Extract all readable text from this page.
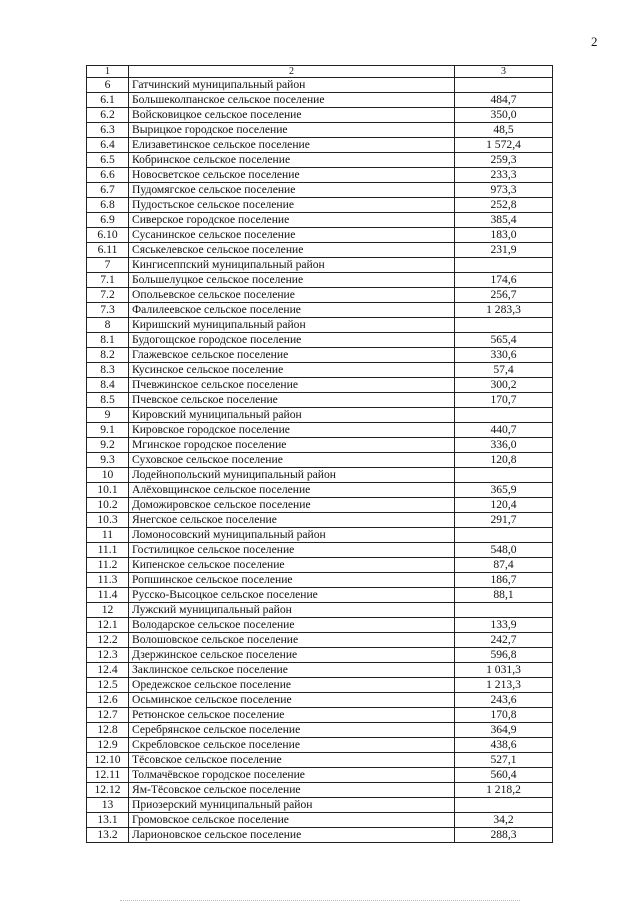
2
1	2	3
6	Гатчинский муниципальный район	
6.1	Большеколпанское сельское поселение	484,7
6.2	Войсковицкое сельское поселение	350,0
6.3	Вырицкое городское поселение	48,5
6.4	Елизаветинское сельское поселение	1 572,4
6.5	Кобринское сельское поселение	259,3
6.6	Новосветское сельское поселение	233,3
6.7	Пудомягское сельское поселение	973,3
6.8	Пудостьское сельское поселение	252,8
6.9	Сиверское городское поселение	385,4
6.10	Сусанинское сельское поселение	183,0
6.11	Сяськелевское сельское поселение	231,9
7	Кингисеппский муниципальный район	
7.1	Большелуцкое сельское поселение	174,6
7.2	Опольевское сельское поселение	256,7
7.3	Фалилеевское сельское поселение	1 283,3
8	Киришский муниципальный район	
8.1	Будогощское городское поселение	565,4
8.2	Глажевское сельское поселение	330,6
8.3	Кусинское сельское поселение	57,4
8.4	Пчевжинское сельское поселение	300,2
8.5	Пчевское сельское поселение	170,7
9	Кировский муниципальный район	
9.1	Кировское городское поселение	440,7
9.2	Мгинское городское поселение	336,0
9.3	Суховское сельское поселение	120,8
10	Лодейнопольский муниципальный район	
10.1	Алёховщинское сельское поселение	365,9
10.2	Доможировское сельское поселение	120,4
10.3	Янегское сельское поселение	291,7
11	Ломоносовский муниципальный район	
11.1	Гостилицкое сельское поселение	548,0
11.2	Кипенское сельское поселение	87,4
11.3	Ропшинское сельское поселение	186,7
11.4	Русско-Высоцкое сельское поселение	88,1
12	Лужский муниципальный район	
12.1	Володарское сельское поселение	133,9
12.2	Волошовское сельское поселение	242,7
12.3	Дзержинское сельское поселение	596,8
12.4	Заклинское сельское поселение	1 031,3
12.5	Оредежское сельское поселение	1 213,3
12.6	Осьминское сельское поселение	243,6
12.7	Ретюнское сельское поселение	170,8
12.8	Серебрянское сельское поселение	364,9
12.9	Скребловское сельское поселение	438,6
12.10	Тёсовское сельское поселение	527,1
12.11	Толмачёвское городское поселение	560,4
12.12	Ям-Тёсовское сельское поселение	1 218,2
13	Приозерский муниципальный район	
13.1	Громовское сельское поселение	34,2
13.2	Ларионовское сельское поселение	288,3
